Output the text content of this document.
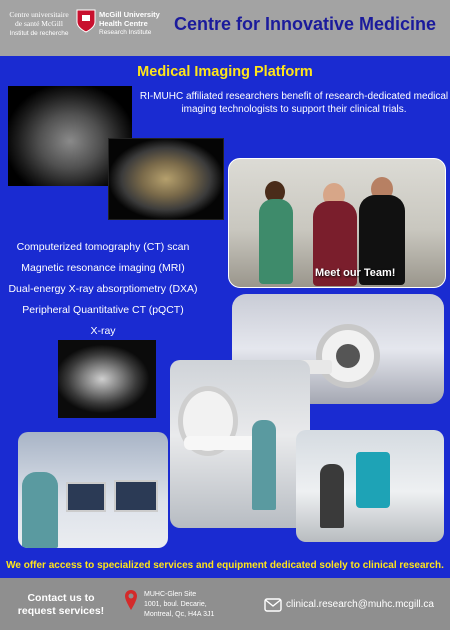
Centre universitaire
de santé McGill
Institut de recherche
McGill University
Health Centre
Research Institute	Centre for Innovative Medicine
Medical Imaging Platform
RI-MUHC affiliated researchers benefit of research-dedicated medical imaging technologists to support their clinical trials.
Meet our Team!
Computerized tomography (CT) scan
Magnetic resonance imaging (MRI)
Dual-energy X-ray absorptiometry (DXA)
Peripheral Quantitative CT (pQCT)
X-ray
We offer access to specialized services and equipment dedicated solely to clinical research.
Contact us to
request services!
MUHC-Glen Site
1001, boul. Decarie,
Montreal, Qc, H4A 3J1
clinical.research@muhc.mcgill.ca
